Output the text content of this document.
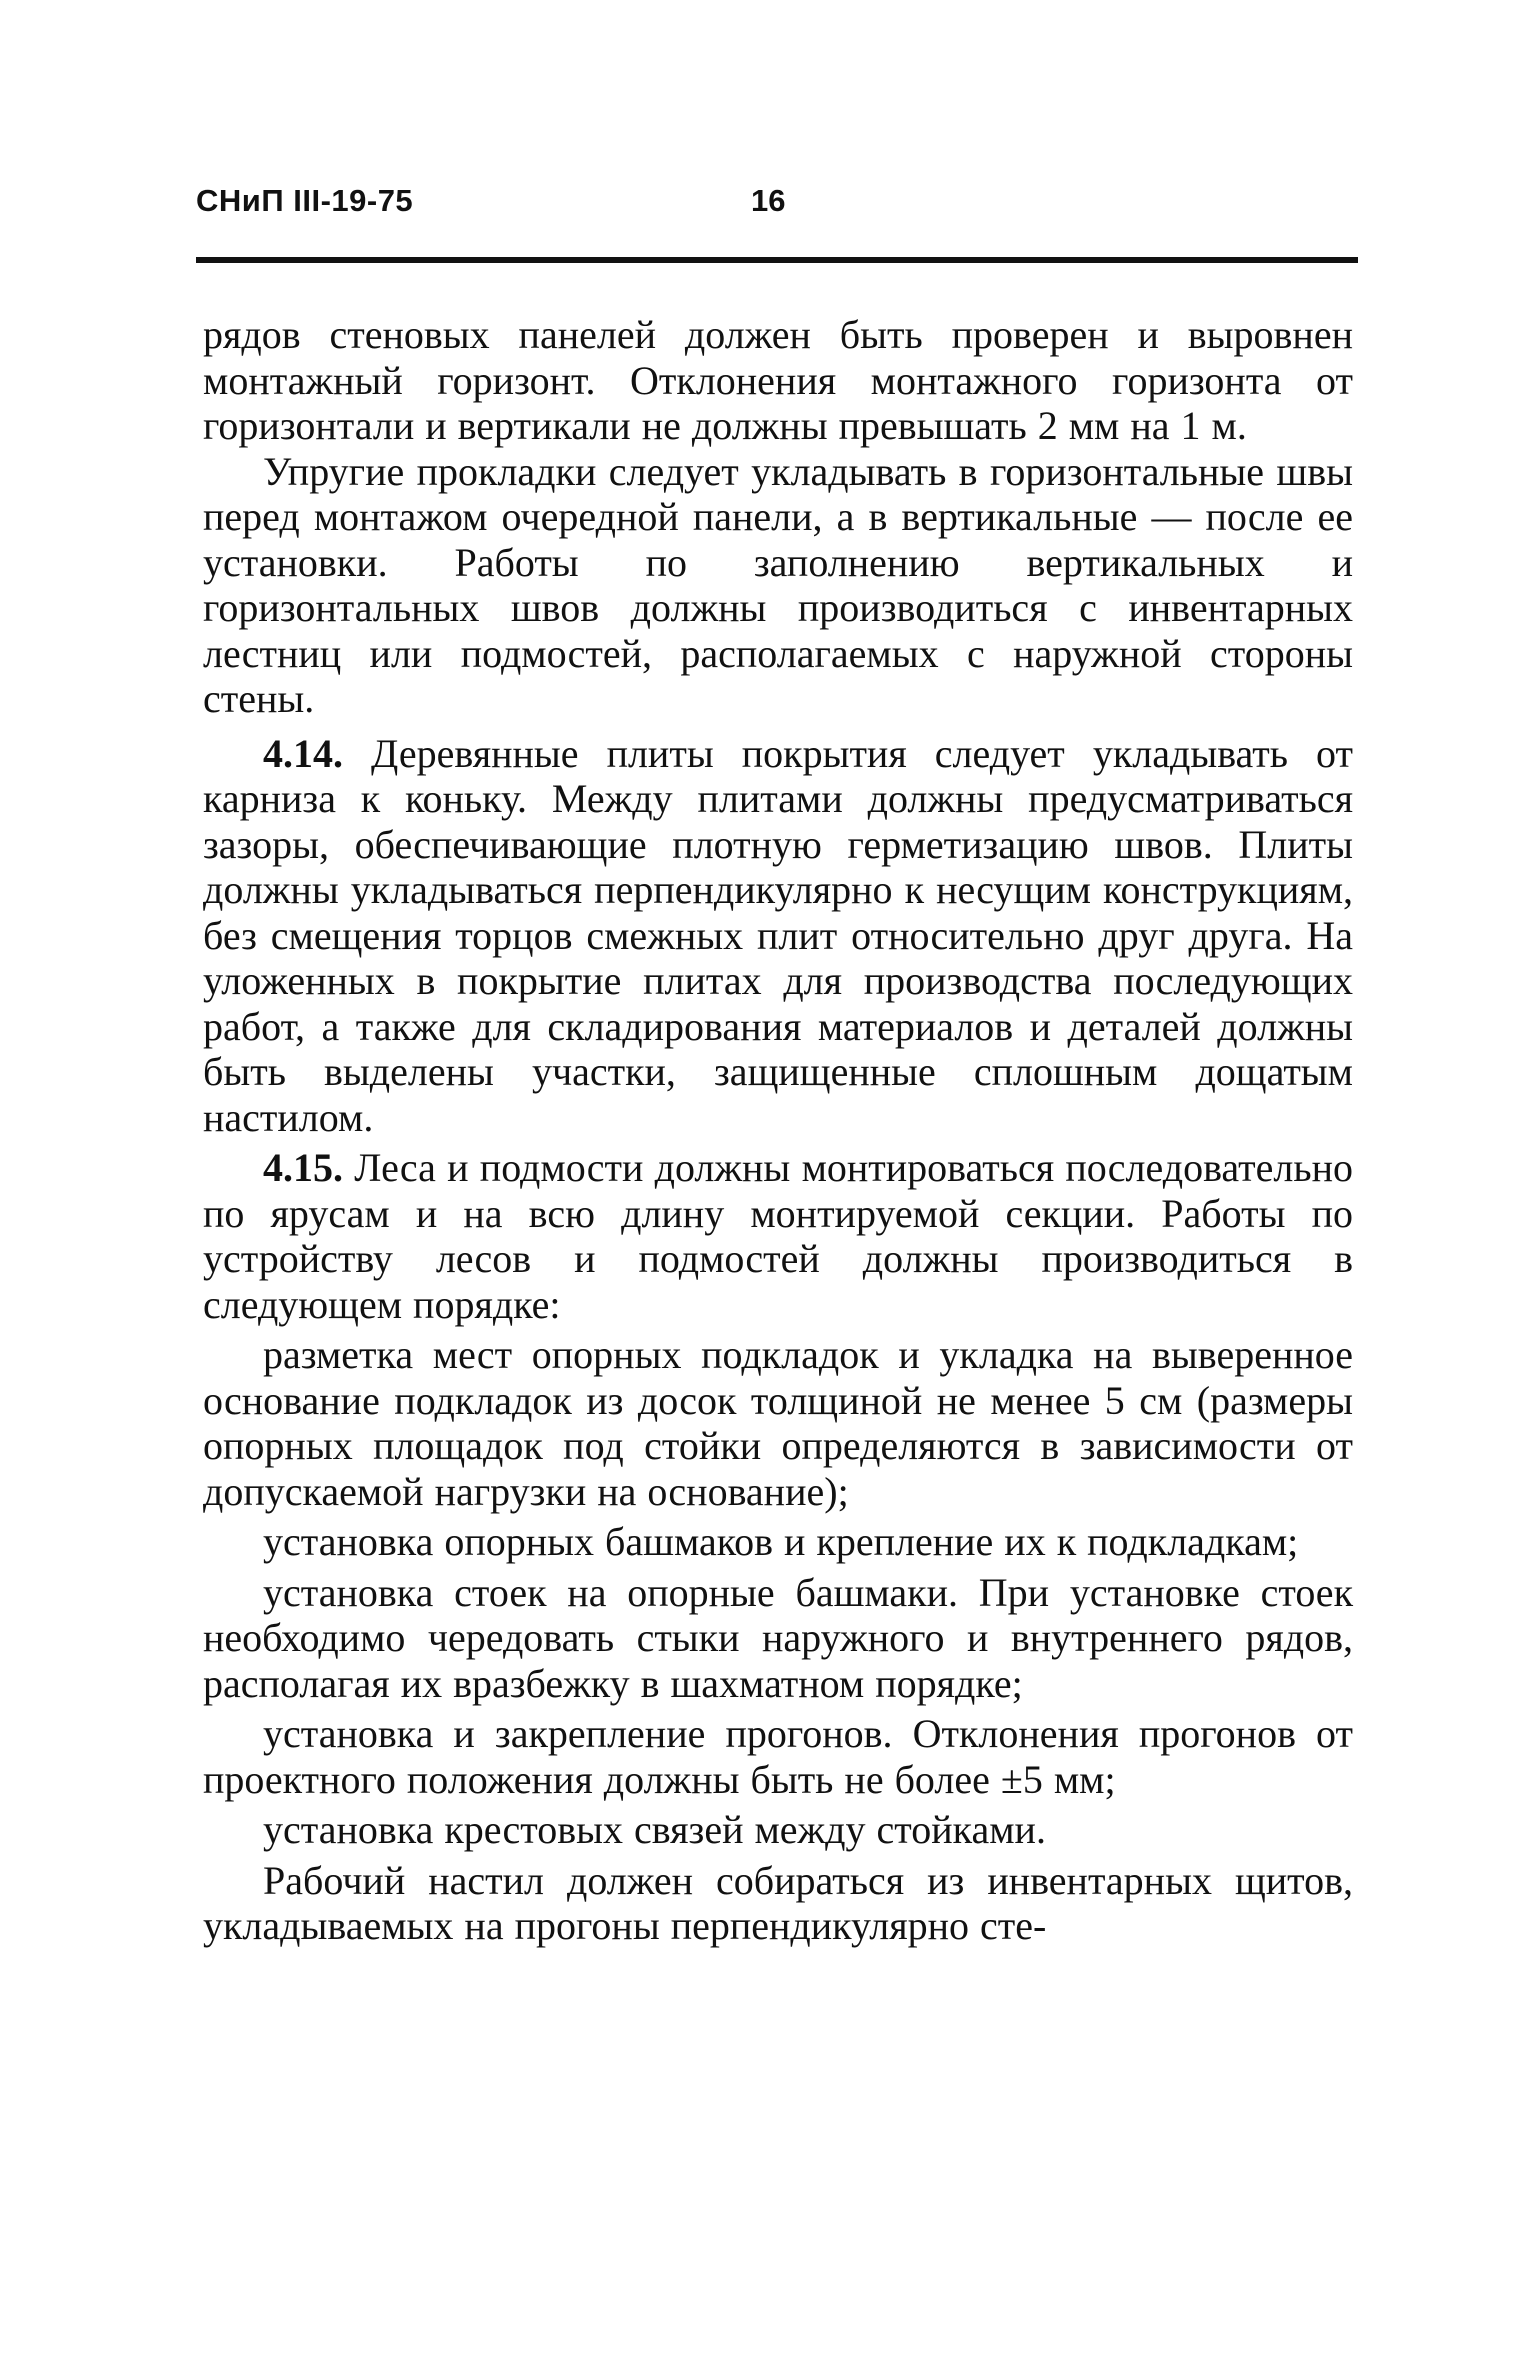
СНиП III-19-75	16

рядов стеновых панелей должен быть проверен и выровнен монтажный горизонт. Отклонения монтажного горизонта от горизонтали и вертикали не должны превышать 2 мм на 1 м.

Упругие прокладки следует укладывать в горизонтальные швы перед монтажом очередной панели, а в вертикальные — после ее установки. Работы по заполнению вертикальных и горизонтальных швов должны производиться с инвентарных лестниц или подмостей, располагаемых с наружной стороны стены.

4.14. Деревянные плиты покрытия следует укладывать от карниза к коньку. Между плитами должны предусматриваться зазоры, обеспечивающие плотную герметизацию швов. Плиты должны укладываться перпендикулярно к несущим конструкциям, без смещения торцов смежных плит относительно друг друга. На уложенных в покрытие плитах для производства последующих работ, а также для складирования материалов и деталей должны быть выделены участки, защищенные сплошным дощатым настилом.

4.15. Леса и подмости должны монтироваться последовательно по ярусам и на всю длину монтируемой секции. Работы по устройству лесов и подмостей должны производиться в следующем порядке:

разметка мест опорных подкладок и укладка на выверенное основание подкладок из досок толщиной не менее 5 см (размеры опорных площадок под стойки определяются в зависимости от допускаемой нагрузки на основание);

установка опорных башмаков и крепление их к подкладкам;

установка стоек на опорные башмаки. При установке стоек необходимо чередовать стыки наружного и внутреннего рядов, располагая их вразбежку в шахматном порядке;

установка и закрепление прогонов. Отклонения прогонов от проектного положения должны быть не более ±5 мм;

установка крестовых связей между стойками.

Рабочий настил должен собираться из инвентарных щитов, укладываемых на прогоны перпендикулярно сте-
